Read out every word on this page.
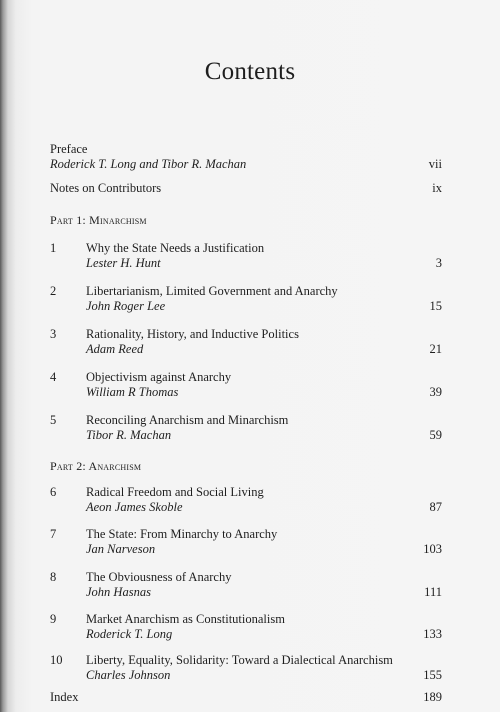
Contents
Preface
Roderick T. Long and Tibor R. Machan	vii
Notes on Contributors	ix
Part 1: Minarchism
1 Why the State Needs a Justification
Lester H. Hunt	3
2 Libertarianism, Limited Government and Anarchy
John Roger Lee	15
3 Rationality, History, and Inductive Politics
Adam Reed	21
4 Objectivism against Anarchy
William R Thomas	39
5 Reconciling Anarchism and Minarchism
Tibor R. Machan	59
Part 2: Anarchism
6 Radical Freedom and Social Living
Aeon James Skoble	87
7 The State: From Minarchy to Anarchy
Jan Narveson	103
8 The Obviousness of Anarchy
John Hasnas	111
9 Market Anarchism as Constitutionalism
Roderick T. Long	133
10 Liberty, Equality, Solidarity: Toward a Dialectical Anarchism
Charles Johnson	155
Index	189
